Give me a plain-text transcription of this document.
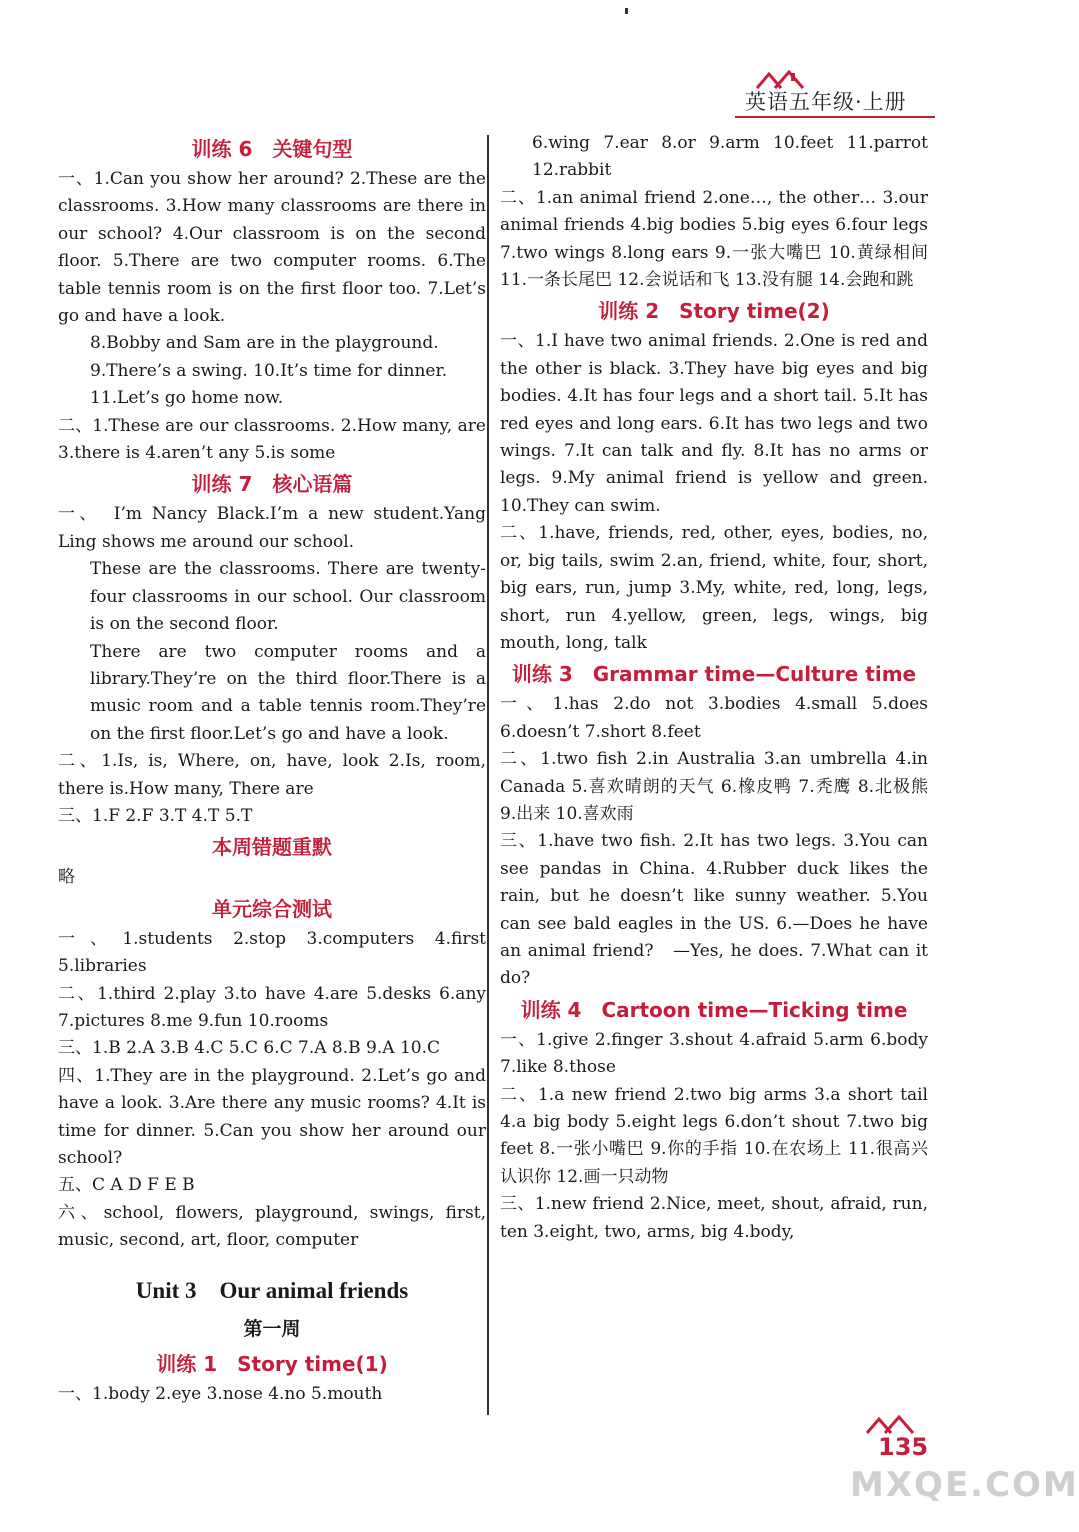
英语五年级·上册
训练 6　关键句型
一、1.Can you show her around? 2.These are the classrooms. 3.How many classrooms are there in our school? 4.Our classroom is on the second floor. 5.There are two computer rooms. 6.The table tennis room is on the first floor too. 7.Let’s go and have a look.
8.Bobby and Sam are in the playground.
9.There’s a swing. 10.It’s time for dinner.
11.Let’s go home now.
二、1.These are our classrooms. 2.How many, are 3.there is 4.aren’t any 5.is some
训练 7　核心语篇
一、　I’m Nancy Black.I’m a new student.Yang Ling shows me around our school.
These are the classrooms. There are twenty-four classrooms in our school. Our classroom is on the second floor.
There are two computer rooms and a library.They’re on the third floor.There is a music room and a table tennis room.They’re on the first floor.Let’s go and have a look.
二、1.Is, is, Where, on, have, look 2.Is, room, there is.How many, There are
三、1.F 2.F 3.T 4.T 5.T
本周错题重默
略
单元综合测试
一、1.students 2.stop 3.computers 4.first 5.libraries
二、1.third 2.play 3.to have 4.are 5.desks 6.any 7.pictures 8.me 9.fun 10.rooms
三、1.B 2.A 3.B 4.C 5.C 6.C 7.A 8.B 9.A 10.C
四、1.They are in the playground. 2.Let’s go and have a look. 3.Are there any music rooms? 4.It is time for dinner. 5.Can you show her around our school?
五、C A D F E B
六、school, flowers, playground, swings, first, music, second, art, floor, computer
Unit 3　Our animal friends
第一周
训练 1　Story time(1)
一、1.body 2.eye 3.nose 4.no 5.mouth
6.wing 7.ear 8.or 9.arm 10.feet 11.parrot 12.rabbit
二、1.an animal friend 2.one…, the other… 3.our animal friends 4.big bodies 5.big eyes 6.four legs 7.two wings 8.long ears 9.一张大嘴巴 10.黄绿相间 11.一条长尾巴 12.会说话和飞 13.没有腿 14.会跑和跳
训练 2　Story time(2)
一、1.I have two animal friends. 2.One is red and the other is black. 3.They have big eyes and big bodies. 4.It has four legs and a short tail. 5.It has red eyes and long ears. 6.It has two legs and two wings. 7.It can talk and fly. 8.It has no arms or legs. 9.My animal friend is yellow and green. 10.They can swim.
二、1.have, friends, red, other, eyes, bodies, no, or, big tails, swim 2.an, friend, white, four, short, big ears, run, jump 3.My, white, red, long, legs, short, run 4.yellow, green, legs, wings, big mouth, long, talk
训练 3　Grammar time—Culture time
一、1.has 2.do not 3.bodies 4.small 5.does 6.doesn’t 7.short 8.feet
二、1.two fish 2.in Australia 3.an umbrella 4.in Canada 5.喜欢晴朗的天气 6.橡皮鸭 7.秃鹰 8.北极熊 9.出来 10.喜欢雨
三、1.have two fish. 2.It has two legs. 3.You can see pandas in China. 4.Rubber duck likes the rain, but he doesn’t like sunny weather. 5.You can see bald eagles in the US. 6.—Does he have an animal friend?　—Yes, he does. 7.What can it do?
训练 4　Cartoon time—Ticking time
一、1.give 2.finger 3.shout 4.afraid 5.arm 6.body 7.like 8.those
二、1.a new friend 2.two big arms 3.a short tail 4.a big body 5.eight legs 6.don’t shout 7.two big feet 8.一张小嘴巴 9.你的手指 10.在农场上 11.很高兴认识你 12.画一只动物
三、1.new friend 2.Nice, meet, shout, afraid, run, ten 3.eight, two, arms, big 4.body,
135
MXQE.COM
